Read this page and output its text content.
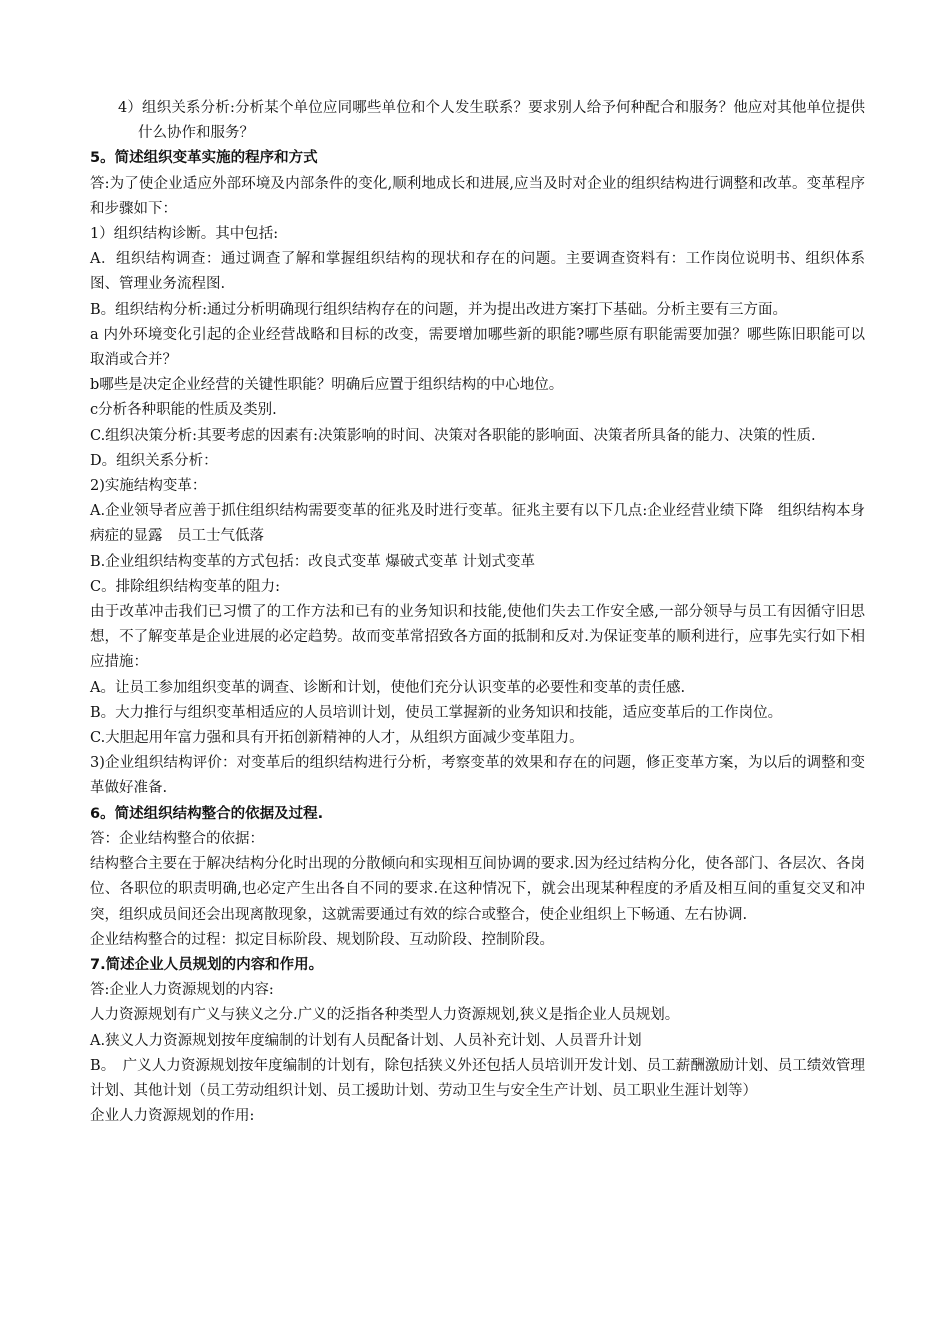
4）组织关系分析:分析某个单位应同哪些单位和个人发生联系？要求别人给予何种配合和服务？他应对其他单位提供什么协作和服务？

5。简述组织变革实施的程序和方式

答:为了使企业适应外部环境及内部条件的变化,顺利地成长和进展,应当及时对企业的组织结构进行调整和改革。变革程序和步骤如下：

1）组织结构诊断。其中包括:

A．组织结构调查：通过调查了解和掌握组织结构的现状和存在的问题。主要调查资料有：工作岗位说明书、组织体系图、管理业务流程图.

B。组织结构分析:通过分析明确现行组织结构存在的问题，并为提出改进方案打下基础。分析主要有三方面。

a 内外环境变化引起的企业经营战略和目标的改变，需要增加哪些新的职能?哪些原有职能需要加强？哪些陈旧职能可以取消或合并？

b哪些是决定企业经营的关键性职能？明确后应置于组织结构的中心地位。

c分析各种职能的性质及类别.

C.组织决策分析:其要考虑的因素有:决策影响的时间、决策对各职能的影响面、决策者所具备的能力、决策的性质.

D。组织关系分析：

2)实施结构变革：

A.企业领导者应善于抓住组织结构需要变革的征兆及时进行变革。征兆主要有以下几点:企业经营业绩下降　组织结构本身病症的显露　员工士气低落

B.企业组织结构变革的方式包括：改良式变革 爆破式变革 计划式变革

C。排除组织结构变革的阻力:

由于改革冲击我们已习惯了的工作方法和已有的业务知识和技能,使他们失去工作安全感,一部分领导与员工有因循守旧思想，不了解变革是企业进展的必定趋势。故而变革常招致各方面的抵制和反对.为保证变革的顺利进行，应事先实行如下相应措施：

A。让员工参加组织变革的调查、诊断和计划，使他们充分认识变革的必要性和变革的责任感.

B。大力推行与组织变革相适应的人员培训计划，使员工掌握新的业务知识和技能，适应变革后的工作岗位。

C.大胆起用年富力强和具有开拓创新精神的人才，从组织方面减少变革阻力。

3)企业组织结构评价：对变革后的组织结构进行分析，考察变革的效果和存在的问题，修正变革方案，为以后的调整和变革做好准备.

6。简述组织结构整合的依据及过程.

答：企业结构整合的依据：

结构整合主要在于解决结构分化时出现的分散倾向和实现相互间协调的要求.因为经过结构分化，使各部门、各层次、各岗位、各职位的职责明确,也必定产生出各自不同的要求.在这种情况下，就会出现某种程度的矛盾及相互间的重复交叉和冲突，组织成员间还会出现离散现象，这就需要通过有效的综合或整合，使企业组织上下畅通、左右协调.

企业结构整合的过程：拟定目标阶段、规划阶段、互动阶段、控制阶段。

7.简述企业人员规划的内容和作用。

答:企业人力资源规划的内容:

人力资源规划有广义与狭义之分.广义的泛指各种类型人力资源规划,狭义是指企业人员规划。

A.狭义人力资源规划按年度编制的计划有人员配备计划、人员补充计划、人员晋升计划

B。　广义人力资源规划按年度编制的计划有，除包括狭义外还包括人员培训开发计划、员工薪酬激励计划、员工绩效管理计划、其他计划（员工劳动组织计划、员工援助计划、劳动卫生与安全生产计划、员工职业生涯计划等）

企业人力资源规划的作用:
